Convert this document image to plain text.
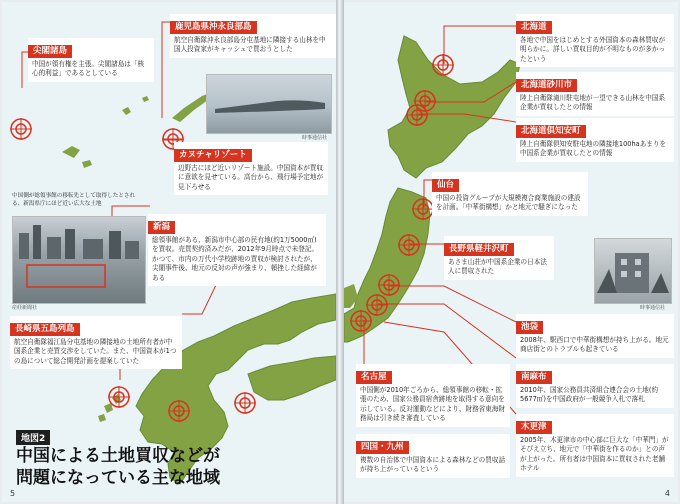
尖閣諸島
中国が領有権を主張。尖閣諸島は「核心的利益」であるとしている
鹿児島県沖永良部島
航空自衛隊沖永良部島分屯基地に隣接する山林を中国人投資家がキャッシュで買おうとした
時事通信社
カヌチャリゾート
辺野古にほど近いリゾート施設。中国資本が買収に意欲を見せている。高台から、飛行場予定地が見下ろせる
中国側が総領事館の移転先として取得したとされる、新潟県庁にほど近い広大な土地
産経新聞社
新潟
総領事館がある、新潟市中心部の民有地(約1万5000㎡)を買収。売買契約済みだが、2012年9月時点で未登記。かつて、市内の万代小学校跡地の買収が検討されたが、尖閣事件後、地元の反対の声が強まり、頓挫した経緯がある
長崎県五島列島
航空自衛隊福江島分屯基地の隣接地の土地所有者が中国系企業と売買交渉をしていた。また、中国資本が1つの島について総合開発計画を提案していた
地図2
中国による土地買収などが
問題になっている主な地域
5
北海道
各地で中国をはじめとする外国資本の森林買収が明らかに。詳しい買収目的が不明なものが多かったという
北海道砂川市
陸上自衛隊滝川駐屯地が一望できる山林を中国系企業が買収したとの情報
北海道倶知安町
陸上自衛隊倶知安駐屯地の隣接地100haあまりを中国系企業が買収したとの情報
仙台
中国の投資グループが大規模複合商業施設の建設を計画。「中華街構想」かと地元で騒ぎになった
長野県軽井沢町
あさま山荘が中国系企業の日本法人に買収された
時事通信社
池袋
2008年、駅西口で中華街構想が持ち上がる。地元商店街とのトラブルも起きている
南麻布
2010年、国家公務員共済組合連合会の土地(約5677㎡)を中国政府が一般競争入札で落札
木更津
2005年、木更津市の中心部に巨大な「中華門」がそびえ立ち、地元で「中華街を作るのか」との声が上がった。所有者は中国資本に買収された老舗ホテル
名古屋
中国側が2010年ごろから、総領事館の移転・拡張のため、国家公務員宿舎跡地を取得する意向を示している。反対運動などにより、財務省東海財務局は引き続き審査している
四国・九州
複数の自治体で中国資本による森林などの買収話が持ち上がっているという
4
